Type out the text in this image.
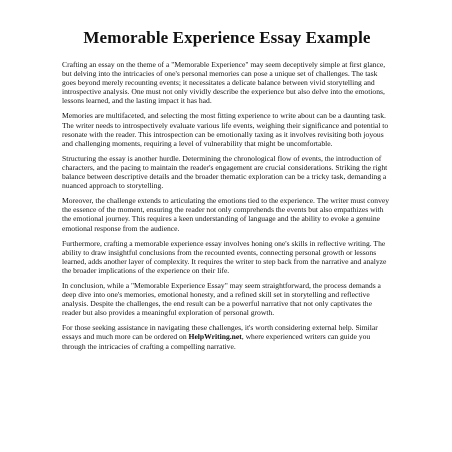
Memorable Experience Essay Example

Crafting an essay on the theme of a "Memorable Experience" may seem deceptively simple at first glance, but delving into the intricacies of one's personal memories can pose a unique set of challenges. The task goes beyond merely recounting events; it necessitates a delicate balance between vivid storytelling and introspective analysis. One must not only vividly describe the experience but also delve into the emotions, lessons learned, and the lasting impact it has had.

Memories are multifaceted, and selecting the most fitting experience to write about can be a daunting task. The writer needs to introspectively evaluate various life events, weighing their significance and potential to resonate with the reader. This introspection can be emotionally taxing as it involves revisiting both joyous and challenging moments, requiring a level of vulnerability that might be uncomfortable.

Structuring the essay is another hurdle. Determining the chronological flow of events, the introduction of characters, and the pacing to maintain the reader's engagement are crucial considerations. Striking the right balance between descriptive details and the broader thematic exploration can be a tricky task, demanding a nuanced approach to storytelling.

Moreover, the challenge extends to articulating the emotions tied to the experience. The writer must convey the essence of the moment, ensuring the reader not only comprehends the events but also empathizes with the emotional journey. This requires a keen understanding of language and the ability to evoke a genuine emotional response from the audience.

Furthermore, crafting a memorable experience essay involves honing one's skills in reflective writing. The ability to draw insightful conclusions from the recounted events, connecting personal growth or lessons learned, adds another layer of complexity. It requires the writer to step back from the narrative and analyze the broader implications of the experience on their life.

In conclusion, while a "Memorable Experience Essay" may seem straightforward, the process demands a deep dive into one's memories, emotional honesty, and a refined skill set in storytelling and reflective analysis. Despite the challenges, the end result can be a powerful narrative that not only captivates the reader but also provides a meaningful exploration of personal growth.

For those seeking assistance in navigating these challenges, it's worth considering external help. Similar essays and much more can be ordered on HelpWriting.net, where experienced writers can guide you through the intricacies of crafting a compelling narrative.
